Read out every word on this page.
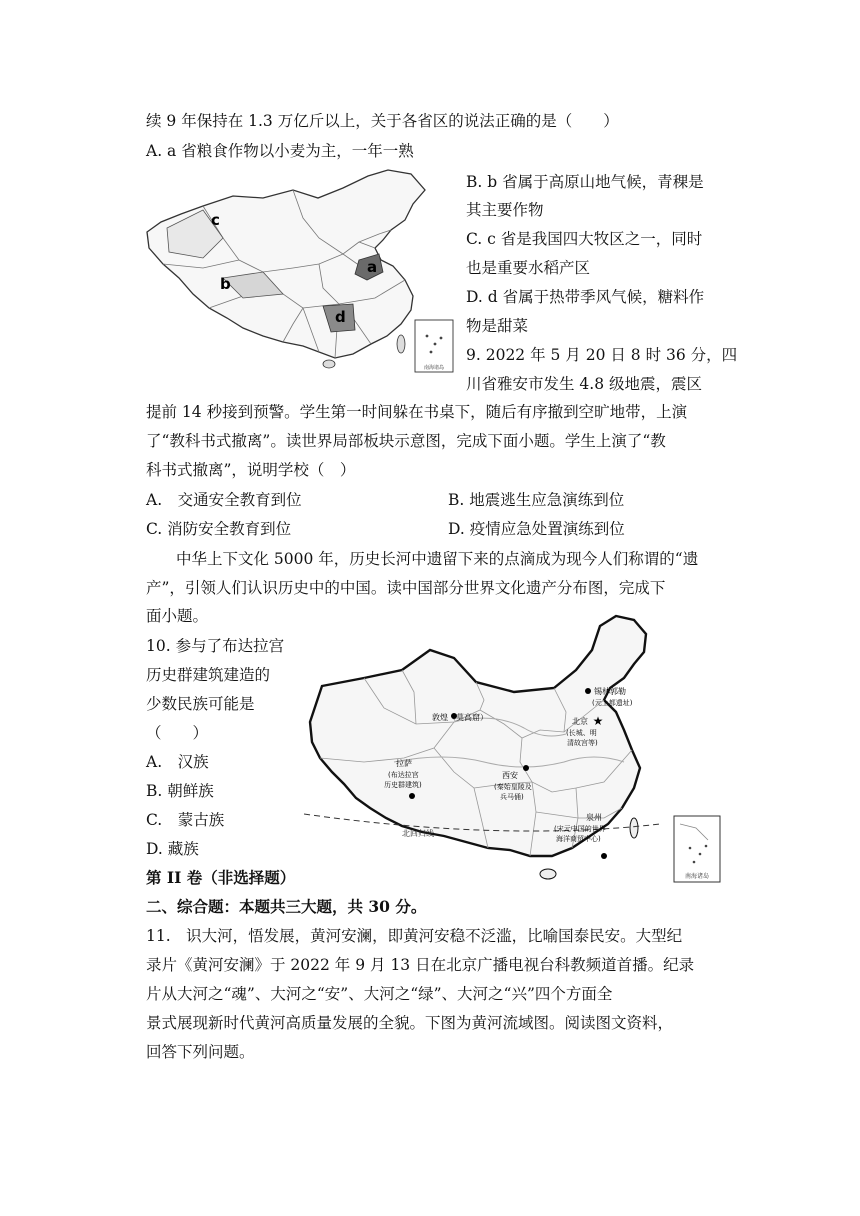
续 9 年保持在 1.3 万亿斤以上，关于各省区的说法正确的是（　　）
A. a 省粮食作物以小麦为主，一年一熟
南海诸岛
a
b
c
d
B. b 省属于高原山地气候，青稞是
其主要作物
C. c 省是我国四大牧区之一，同时
也是重要水稻产区
D. d 省属于热带季风气候，糖料作
物是甜菜
9. 2022 年 5 月 20 日 8 时 36 分，四
川省雅安市发生 4.8 级地震，震区
提前 14 秒接到预警。学生第一时间躲在书桌下，随后有序撤到空旷地带，上演
了“教科书式撤离”。读世界局部板块示意图，完成下面小题。学生上演了“教
科书式撤离”，说明学校（　）
A.　交通安全教育到位	B. 地震逃生应急演练到位
C. 消防安全教育到位	D. 疫情应急处置演练到位
中华上下文化 5000 年，历史长河中遗留下来的点滴成为现今人们称谓的“遗
产”，引领人们认识历史中的中国。读中国部分世界文化遗产分布图，完成下
面小题。
10. 参与了布达拉宫
历史群建筑建造的
少数民族可能是
（　　）
A.　汉族
B. 朝鲜族
C.　蒙古族
D. 藏族
北回归线
南海诸岛
锡林郭勒
(元上都遗址)
★
北京
(长城、明
清故宫等)
敦煌（莫高窟）
拉萨
(布达拉宫
历史群建筑)
西安
(秦始皇陵及
兵马俑)
泉州
(宋元中国的世界
海洋商贸中心)
第 II 卷（非选择题）
二、综合题：本题共三大题，共 30 分。
11.　识大河，悟发展，黄河安澜，即黄河安稳不泛滥，比喻国泰民安。大型纪
录片《黄河安澜》于 2022 年 9 月 13 日在北京广播电视台科教频道首播。纪录
片从大河之“魂”、大河之“安”、大河之“绿”、大河之“兴”四个方面全
景式展现新时代黄河高质量发展的全貌。下图为黄河流域图。阅读图文资料，
回答下列问题。
